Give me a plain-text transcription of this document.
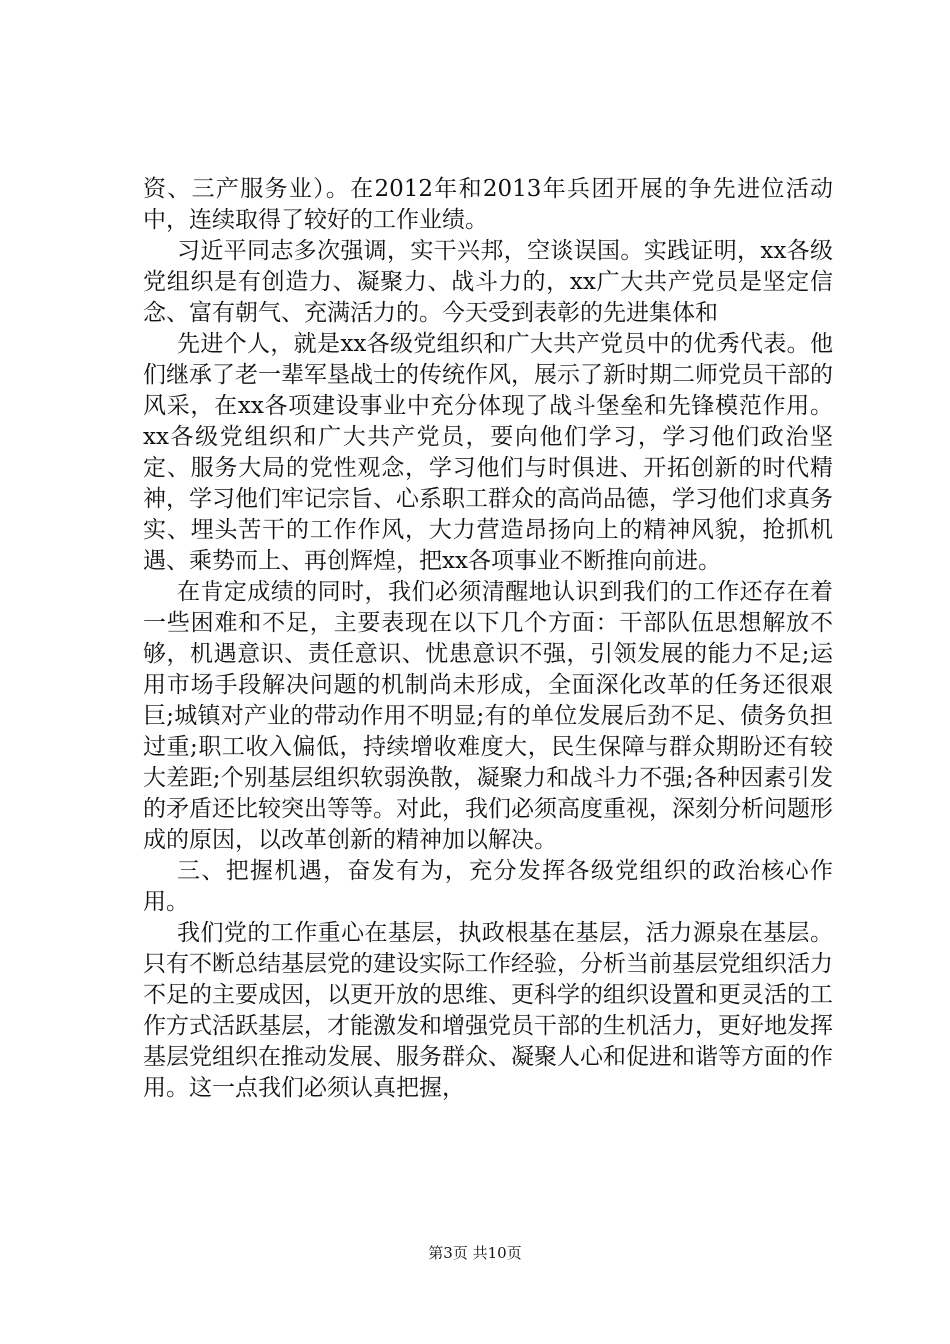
资、三产服务业）。在2012年和2013年兵团开展的争先进位活动中，连续取得了较好的工作业绩。

习近平同志多次强调，实干兴邦，空谈误国。实践证明，xx各级党组织是有创造力、凝聚力、战斗力的，xx广大共产党员是坚定信念、富有朝气、充满活力的。今天受到表彰的先进集体和

先进个人，就是xx各级党组织和广大共产党员中的优秀代表。他们继承了老一辈军垦战士的传统作风，展示了新时期二师党员干部的风采，在xx各项建设事业中充分体现了战斗堡垒和先锋模范作用。xx各级党组织和广大共产党员，要向他们学习，学习他们政治坚定、服务大局的党性观念，学习他们与时俱进、开拓创新的时代精神，学习他们牢记宗旨、心系职工群众的高尚品德，学习他们求真务实、埋头苦干的工作作风，大力营造昂扬向上的精神风貌，抢抓机遇、乘势而上、再创辉煌，把xx各项事业不断推向前进。

在肯定成绩的同时，我们必须清醒地认识到我们的工作还存在着一些困难和不足，主要表现在以下几个方面：干部队伍思想解放不够，机遇意识、责任意识、忧患意识不强，引领发展的能力不足;运用市场手段解决问题的机制尚未形成，全面深化改革的任务还很艰巨;城镇对产业的带动作用不明显;有的单位发展后劲不足、债务负担过重;职工收入偏低，持续增收难度大，民生保障与群众期盼还有较大差距;个别基层组织软弱涣散，凝聚力和战斗力不强;各种因素引发的矛盾还比较突出等等。对此，我们必须高度重视，深刻分析问题形成的原因，以改革创新的精神加以解决。

三、把握机遇，奋发有为，充分发挥各级党组织的政治核心作用。

我们党的工作重心在基层，执政根基在基层，活力源泉在基层。只有不断总结基层党的建设实际工作经验，分析当前基层党组织活力不足的主要成因，以更开放的思维、更科学的组织设置和更灵活的工作方式活跃基层，才能激发和增强党员干部的生机活力，更好地发挥基层党组织在推动发展、服务群众、凝聚人心和促进和谐等方面的作用。这一点我们必须认真把握，

第3页 共10页
